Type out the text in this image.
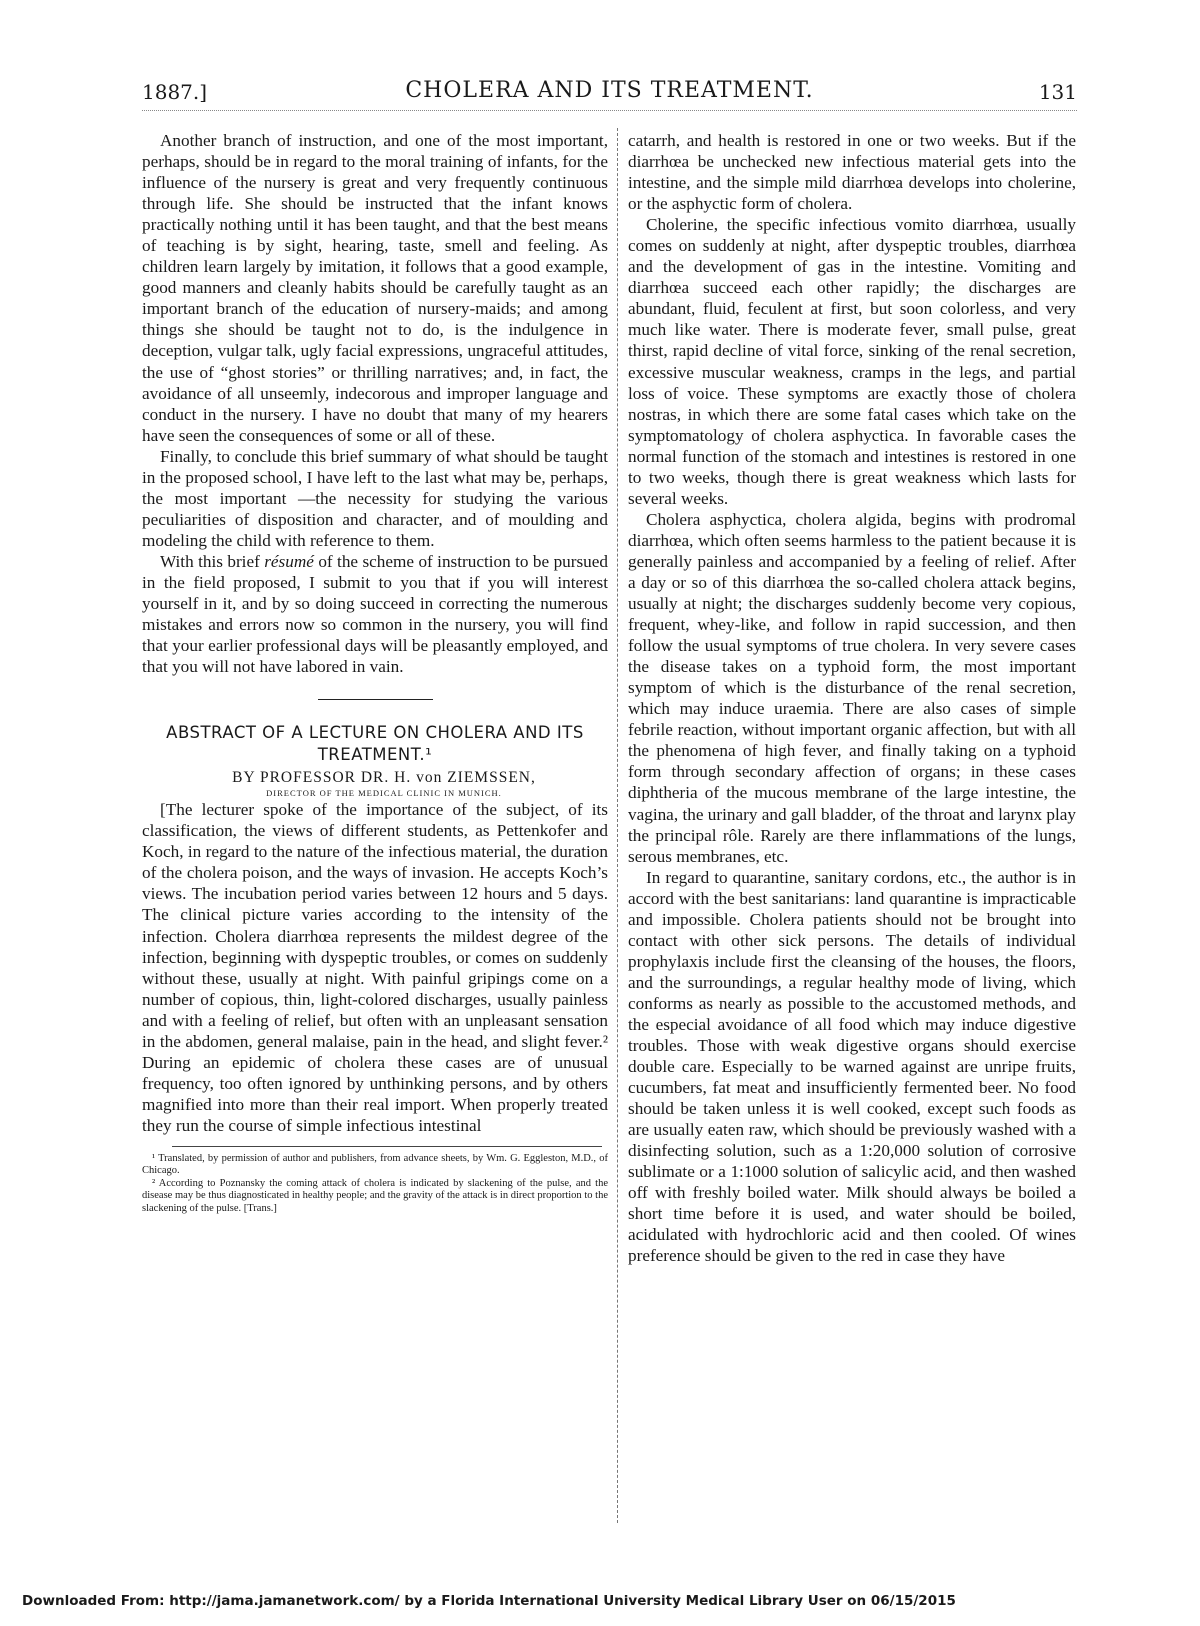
CHOLERA AND ITS TREATMENT.
1887.]	131

Another branch of instruction, and one of the most important, perhaps, should be in regard to the moral training of infants, for the influence of the nursery is great and very frequently continuous through life. She should be instructed that the infant knows practically nothing until it has been taught, and that the best means of teaching is by sight, hearing, taste, smell and feeling. As children learn largely by imitation, it follows that a good example, good manners and cleanly habits should be carefully taught as an important branch of the education of nursery-maids; and among things she should be taught not to do, is the indulgence in deception, vulgar talk, ugly facial expressions, ungraceful attitudes, the use of “ghost stories” or thrilling narratives; and, in fact, the avoidance of all unseemly, indecorous and improper language and conduct in the nursery. I have no doubt that many of my hearers have seen the consequences of some or all of these.

Finally, to conclude this brief summary of what should be taught in the proposed school, I have left to the last what may be, perhaps, the most important —the necessity for studying the various peculiarities of disposition and character, and of moulding and modeling the child with reference to them.

With this brief résumé of the scheme of instruction to be pursued in the field proposed, I submit to you that if you will interest yourself in it, and by so doing succeed in correcting the numerous mistakes and errors now so common in the nursery, you will find that your earlier professional days will be pleasantly employed, and that you will not have labored in vain.

ABSTRACT OF A LECTURE ON CHOLERA AND ITS
TREATMENT.¹

BY PROFESSOR DR. H. von ZIEMSSEN,

DIRECTOR OF THE MEDICAL CLINIC IN MUNICH.

[The lecturer spoke of the importance of the subject, of its classification, the views of different students, as Pettenkofer and Koch, in regard to the nature of the infectious material, the duration of the cholera poison, and the ways of invasion. He accepts Koch’s views. The incubation period varies between 12 hours and 5 days. The clinical picture varies according to the intensity of the infection. Cholera diarrhœa represents the mildest degree of the infection, beginning with dyspeptic troubles, or comes on suddenly without these, usually at night. With painful gripings come on a number of copious, thin, light-colored discharges, usually painless and with a feeling of relief, but often with an unpleasant sensation in the abdomen, general malaise, pain in the head, and slight fever.² During an epidemic of cholera these cases are of unusual frequency, too often ignored by unthinking persons, and by others magnified into more than their real import. When properly treated they run the course of simple infectious intestinal

¹ Translated, by permission of author and publishers, from advance sheets, by Wm. G. Eggleston, M.D., of Chicago.

² According to Poznansky the coming attack of cholera is indicated by slackening of the pulse, and the disease may be thus diagnosticated in healthy people; and the gravity of the attack is in direct proportion to the slackening of the pulse. [Trans.]

catarrh, and health is restored in one or two weeks. But if the diarrhœa be unchecked new infectious material gets into the intestine, and the simple mild diarrhœa develops into cholerine, or the asphyctic form of cholera.

Cholerine, the specific infectious vomito diarrhœa, usually comes on suddenly at night, after dyspeptic troubles, diarrhœa and the development of gas in the intestine. Vomiting and diarrhœa succeed each other rapidly; the discharges are abundant, fluid, feculent at first, but soon colorless, and very much like water. There is moderate fever, small pulse, great thirst, rapid decline of vital force, sinking of the renal secretion, excessive muscular weakness, cramps in the legs, and partial loss of voice. These symptoms are exactly those of cholera nostras, in which there are some fatal cases which take on the symptomatology of cholera asphyctica. In favorable cases the normal function of the stomach and intestines is restored in one to two weeks, though there is great weakness which lasts for several weeks.

Cholera asphyctica, cholera algida, begins with prodromal diarrhœa, which often seems harmless to the patient because it is generally painless and accompanied by a feeling of relief. After a day or so of this diarrhœa the so-called cholera attack begins, usually at night; the discharges suddenly become very copious, frequent, whey-like, and follow in rapid succession, and then follow the usual symptoms of true cholera. In very severe cases the disease takes on a typhoid form, the most important symptom of which is the disturbance of the renal secretion, which may induce uraemia. There are also cases of simple febrile reaction, without important organic affection, but with all the phenomena of high fever, and finally taking on a typhoid form through secondary affection of organs; in these cases diphtheria of the mucous membrane of the large intestine, the vagina, the urinary and gall bladder, of the throat and larynx play the principal rôle. Rarely are there inflammations of the lungs, serous membranes, etc.

In regard to quarantine, sanitary cordons, etc., the author is in accord with the best sanitarians: land quarantine is impracticable and impossible. Cholera patients should not be brought into contact with other sick persons. The details of individual prophylaxis include first the cleansing of the houses, the floors, and the surroundings, a regular healthy mode of living, which conforms as nearly as possible to the accustomed methods, and the especial avoidance of all food which may induce digestive troubles. Those with weak digestive organs should exercise double care. Especially to be warned against are unripe fruits, cucumbers, fat meat and insufficiently fermented beer. No food should be taken unless it is well cooked, except such foods as are usually eaten raw, which should be previously washed with a disinfecting solution, such as a 1:20,000 solution of corrosive sublimate or a 1:1000 solution of salicylic acid, and then washed off with freshly boiled water. Milk should always be boiled a short time before it is used, and water should be boiled, acidulated with hydrochloric acid and then cooled. Of wines preference should be given to the red in case they have

Downloaded From: http://jama.jamanetwork.com/ by a Florida International University Medical Library User on 06/15/2015
